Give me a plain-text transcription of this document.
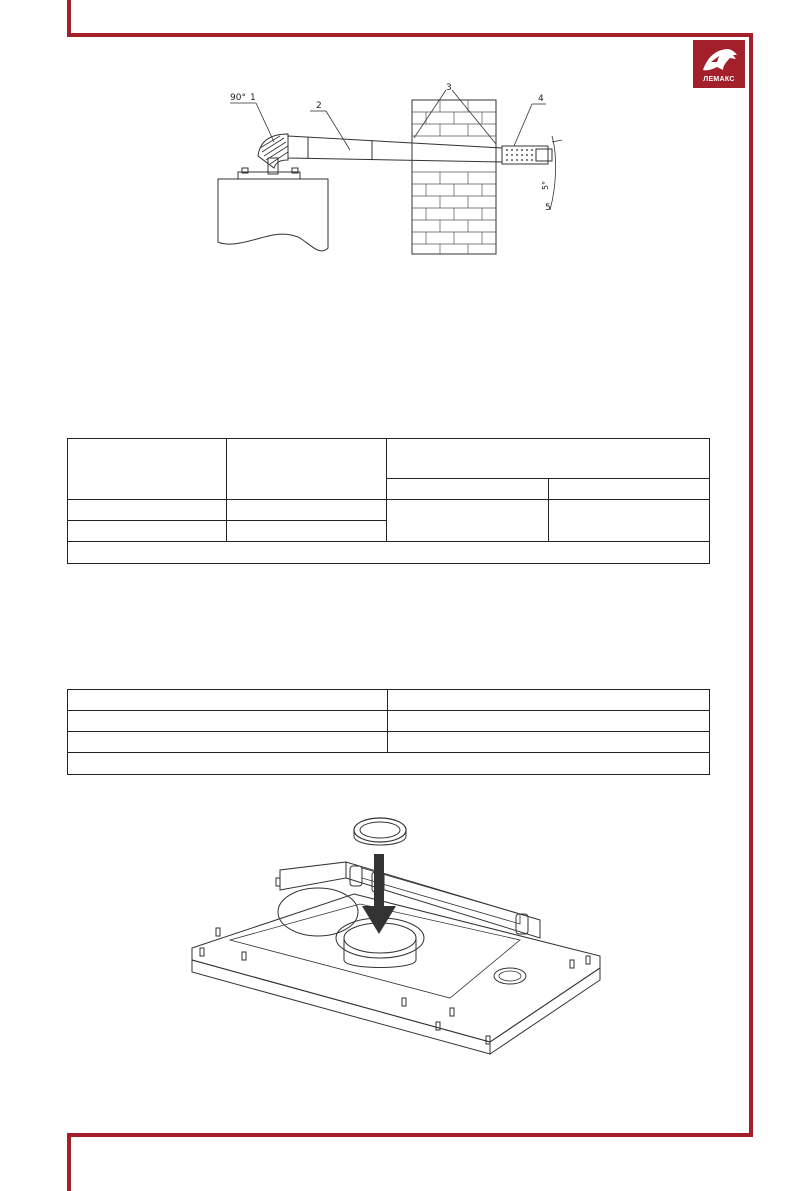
ЛЕМАКС
90° 1
2
3
4
5
5°
